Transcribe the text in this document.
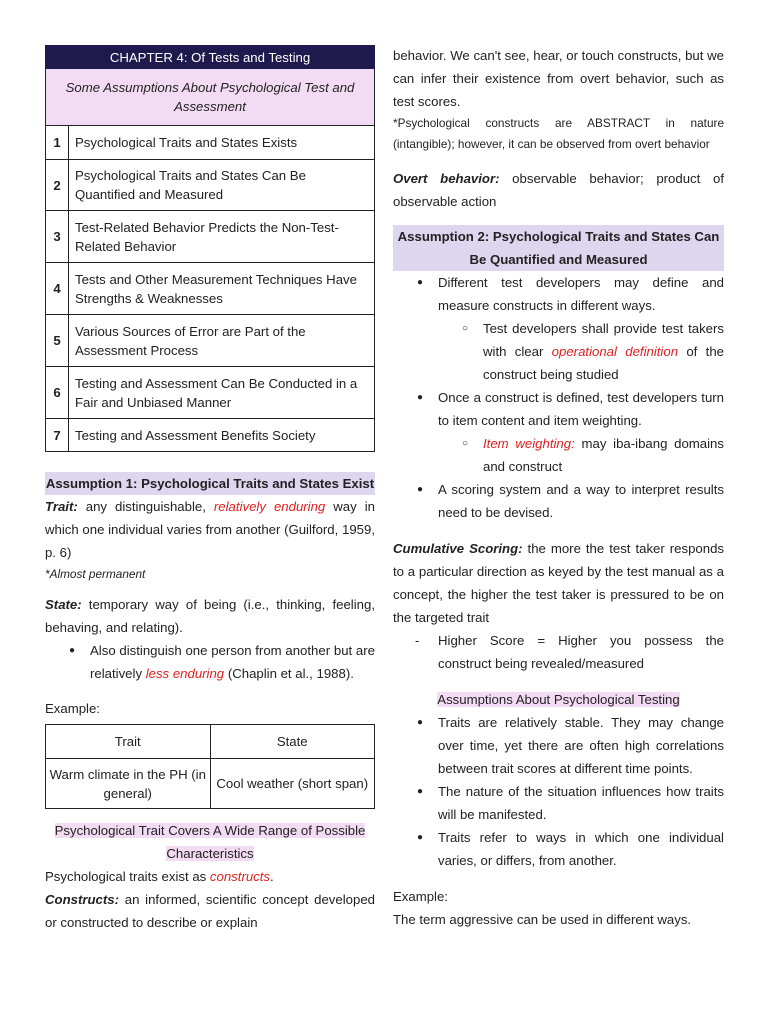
CHAPTER 4: Of Tests and Testing	
Some Assumptions About Psychological Test and Assessment	
1	Psychological Traits and States Exists
2	Psychological Traits and States Can Be Quantified and Measured
3	Test-Related Behavior Predicts the Non-Test-Related Behavior
4	Tests and Other Measurement Techniques Have Strengths & Weaknesses
5	Various Sources of Error are Part of the Assessment Process
6	Testing and Assessment Can Be Conducted in a Fair and Unbiased Manner
7	Testing and Assessment Benefits Society
Assumption 1: Psychological Traits and States Exist

Trait: any distinguishable, relatively enduring way in which one individual varies from another (Guilford, 1959, p. 6)

*Almost permanent

State: temporary way of being (i.e., thinking, feeling, behaving, and relating).

● Also distinguish one person from another but are relatively less enduring (Chaplin et al., 1988).

Example:

Trait	State
Warm climate in the PH (in general)	Cool weather (short span)

Psychological Trait Covers A Wide Range of Possible Characteristics

Psychological traits exist as constructs.

Constructs: an informed, scientific concept developed or constructed to describe or explain

behavior. We can't see, hear, or touch constructs, but we can infer their existence from overt behavior, such as test scores.

*Psychological constructs are ABSTRACT in nature (intangible); however, it can be observed from overt behavior

Overt behavior: observable behavior; product of observable action

Assumption 2: Psychological Traits and States Can Be Quantified and Measured
● Different test developers may define and measure constructs in different ways.
○ Test developers shall provide test takers with clear operational definition of the construct being studied
● Once a construct is defined, test developers turn to item content and item weighting.
○ Item weighting: may iba-ibang domains and construct
● A scoring system and a way to interpret results need to be devised.

Cumulative Scoring: the more the test taker responds to a particular direction as keyed by the test manual as a concept, the higher the test taker is pressured to be on the targeted trait

- Higher Score = Higher you possess the construct being revealed/measured

Assumptions About Psychological Testing

● Traits are relatively stable. They may change over time, yet there are often high correlations between trait scores at different time points.
● The nature of the situation influences how traits will be manifested.
● Traits refer to ways in which one individual varies, or differs, from another.

Example:

The term aggressive can be used in different ways.
